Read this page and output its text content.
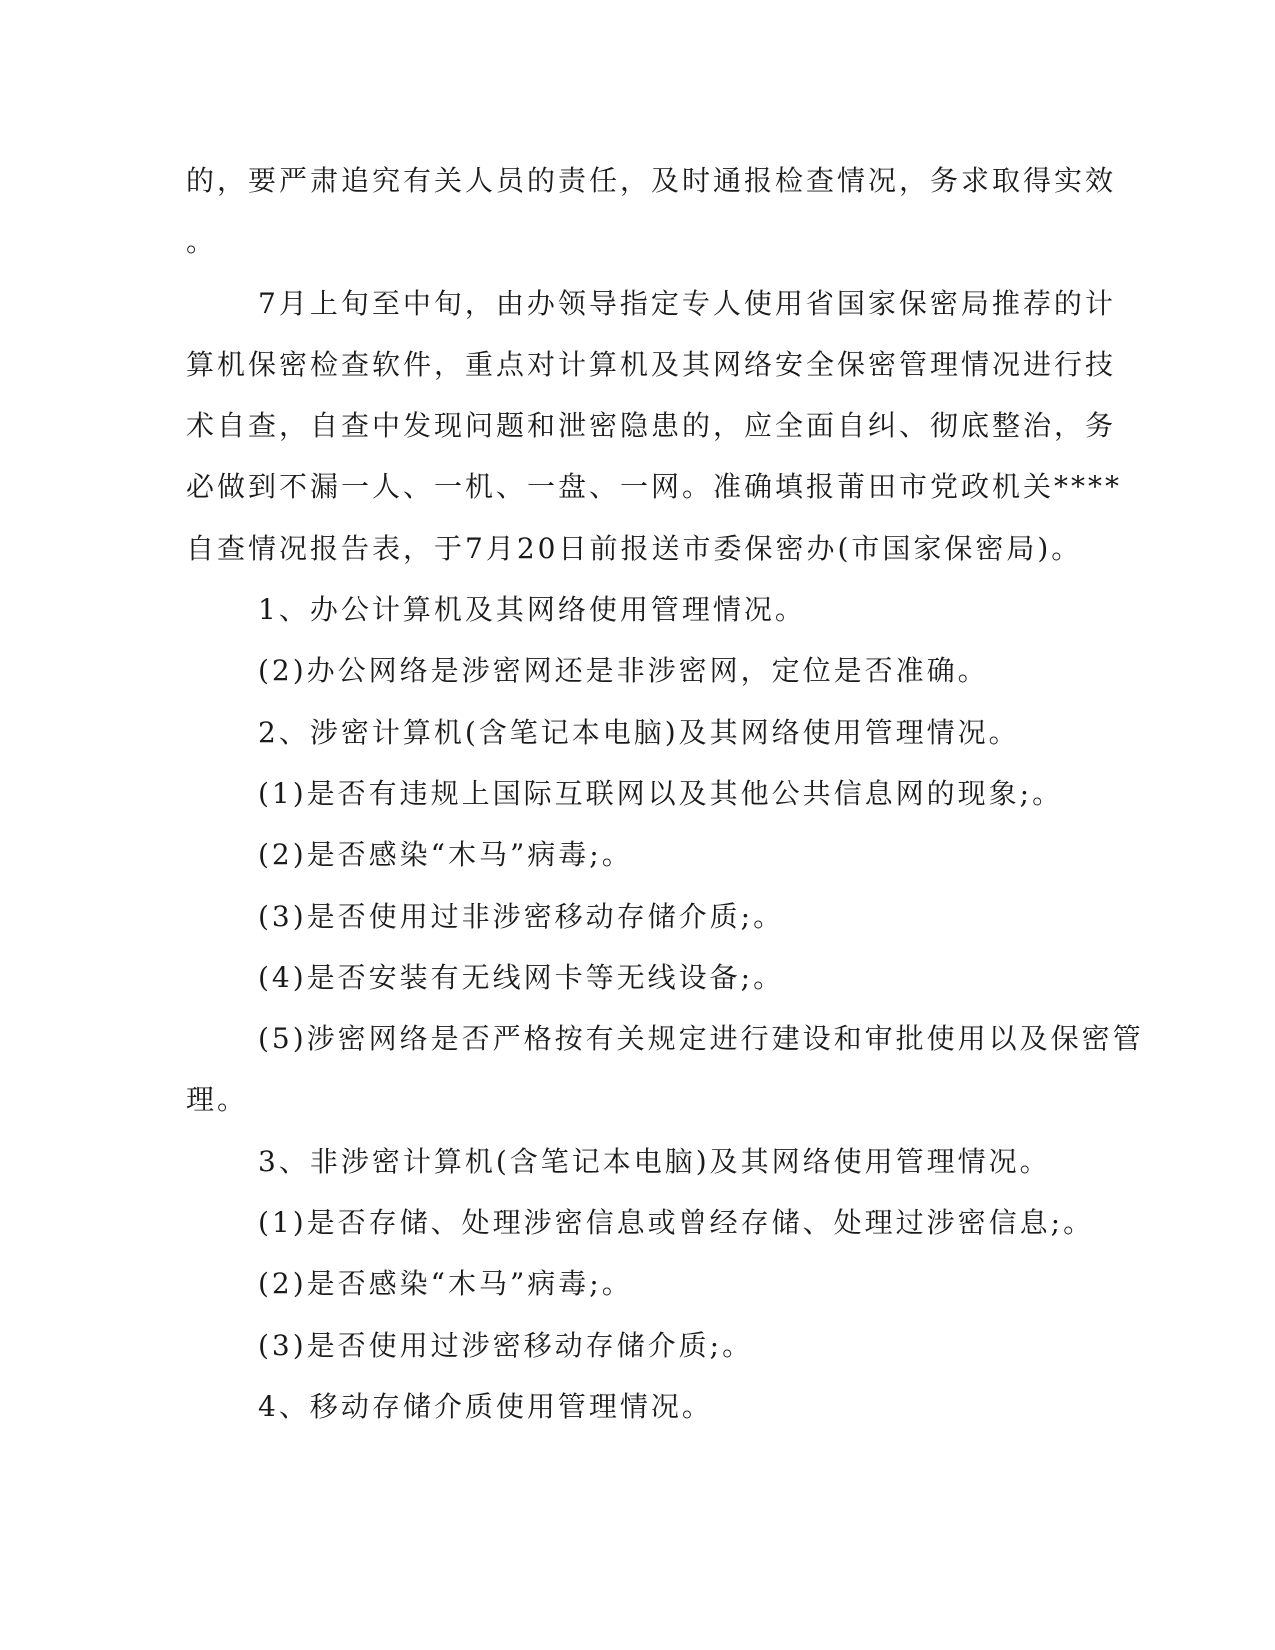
的，要严肃追究有关人员的责任，及时通报检查情况，务求取得实效
。
7月上旬至中旬，由办领导指定专人使用省国家保密局推荐的计
算机保密检查软件，重点对计算机及其网络安全保密管理情况进行技
术自查，自查中发现问题和泄密隐患的，应全面自纠、彻底整治，务
必做到不漏一人、一机、一盘、一网。准确填报莆田市党政机关****
自查情况报告表，于7月20日前报送市委保密办(市国家保密局)。
1、办公计算机及其网络使用管理情况。
(2)办公网络是涉密网还是非涉密网，定位是否准确。
2、涉密计算机(含笔记本电脑)及其网络使用管理情况。
(1)是否有违规上国际互联网以及其他公共信息网的现象;。
(2)是否感染“木马”病毒;。
(3)是否使用过非涉密移动存储介质;。
(4)是否安装有无线网卡等无线设备;。
(5)涉密网络是否严格按有关规定进行建设和审批使用以及保密管
理。
3、非涉密计算机(含笔记本电脑)及其网络使用管理情况。
(1)是否存储、处理涉密信息或曾经存储、处理过涉密信息;。
(2)是否感染“木马”病毒;。
(3)是否使用过涉密移动存储介质;。
4、移动存储介质使用管理情况。
